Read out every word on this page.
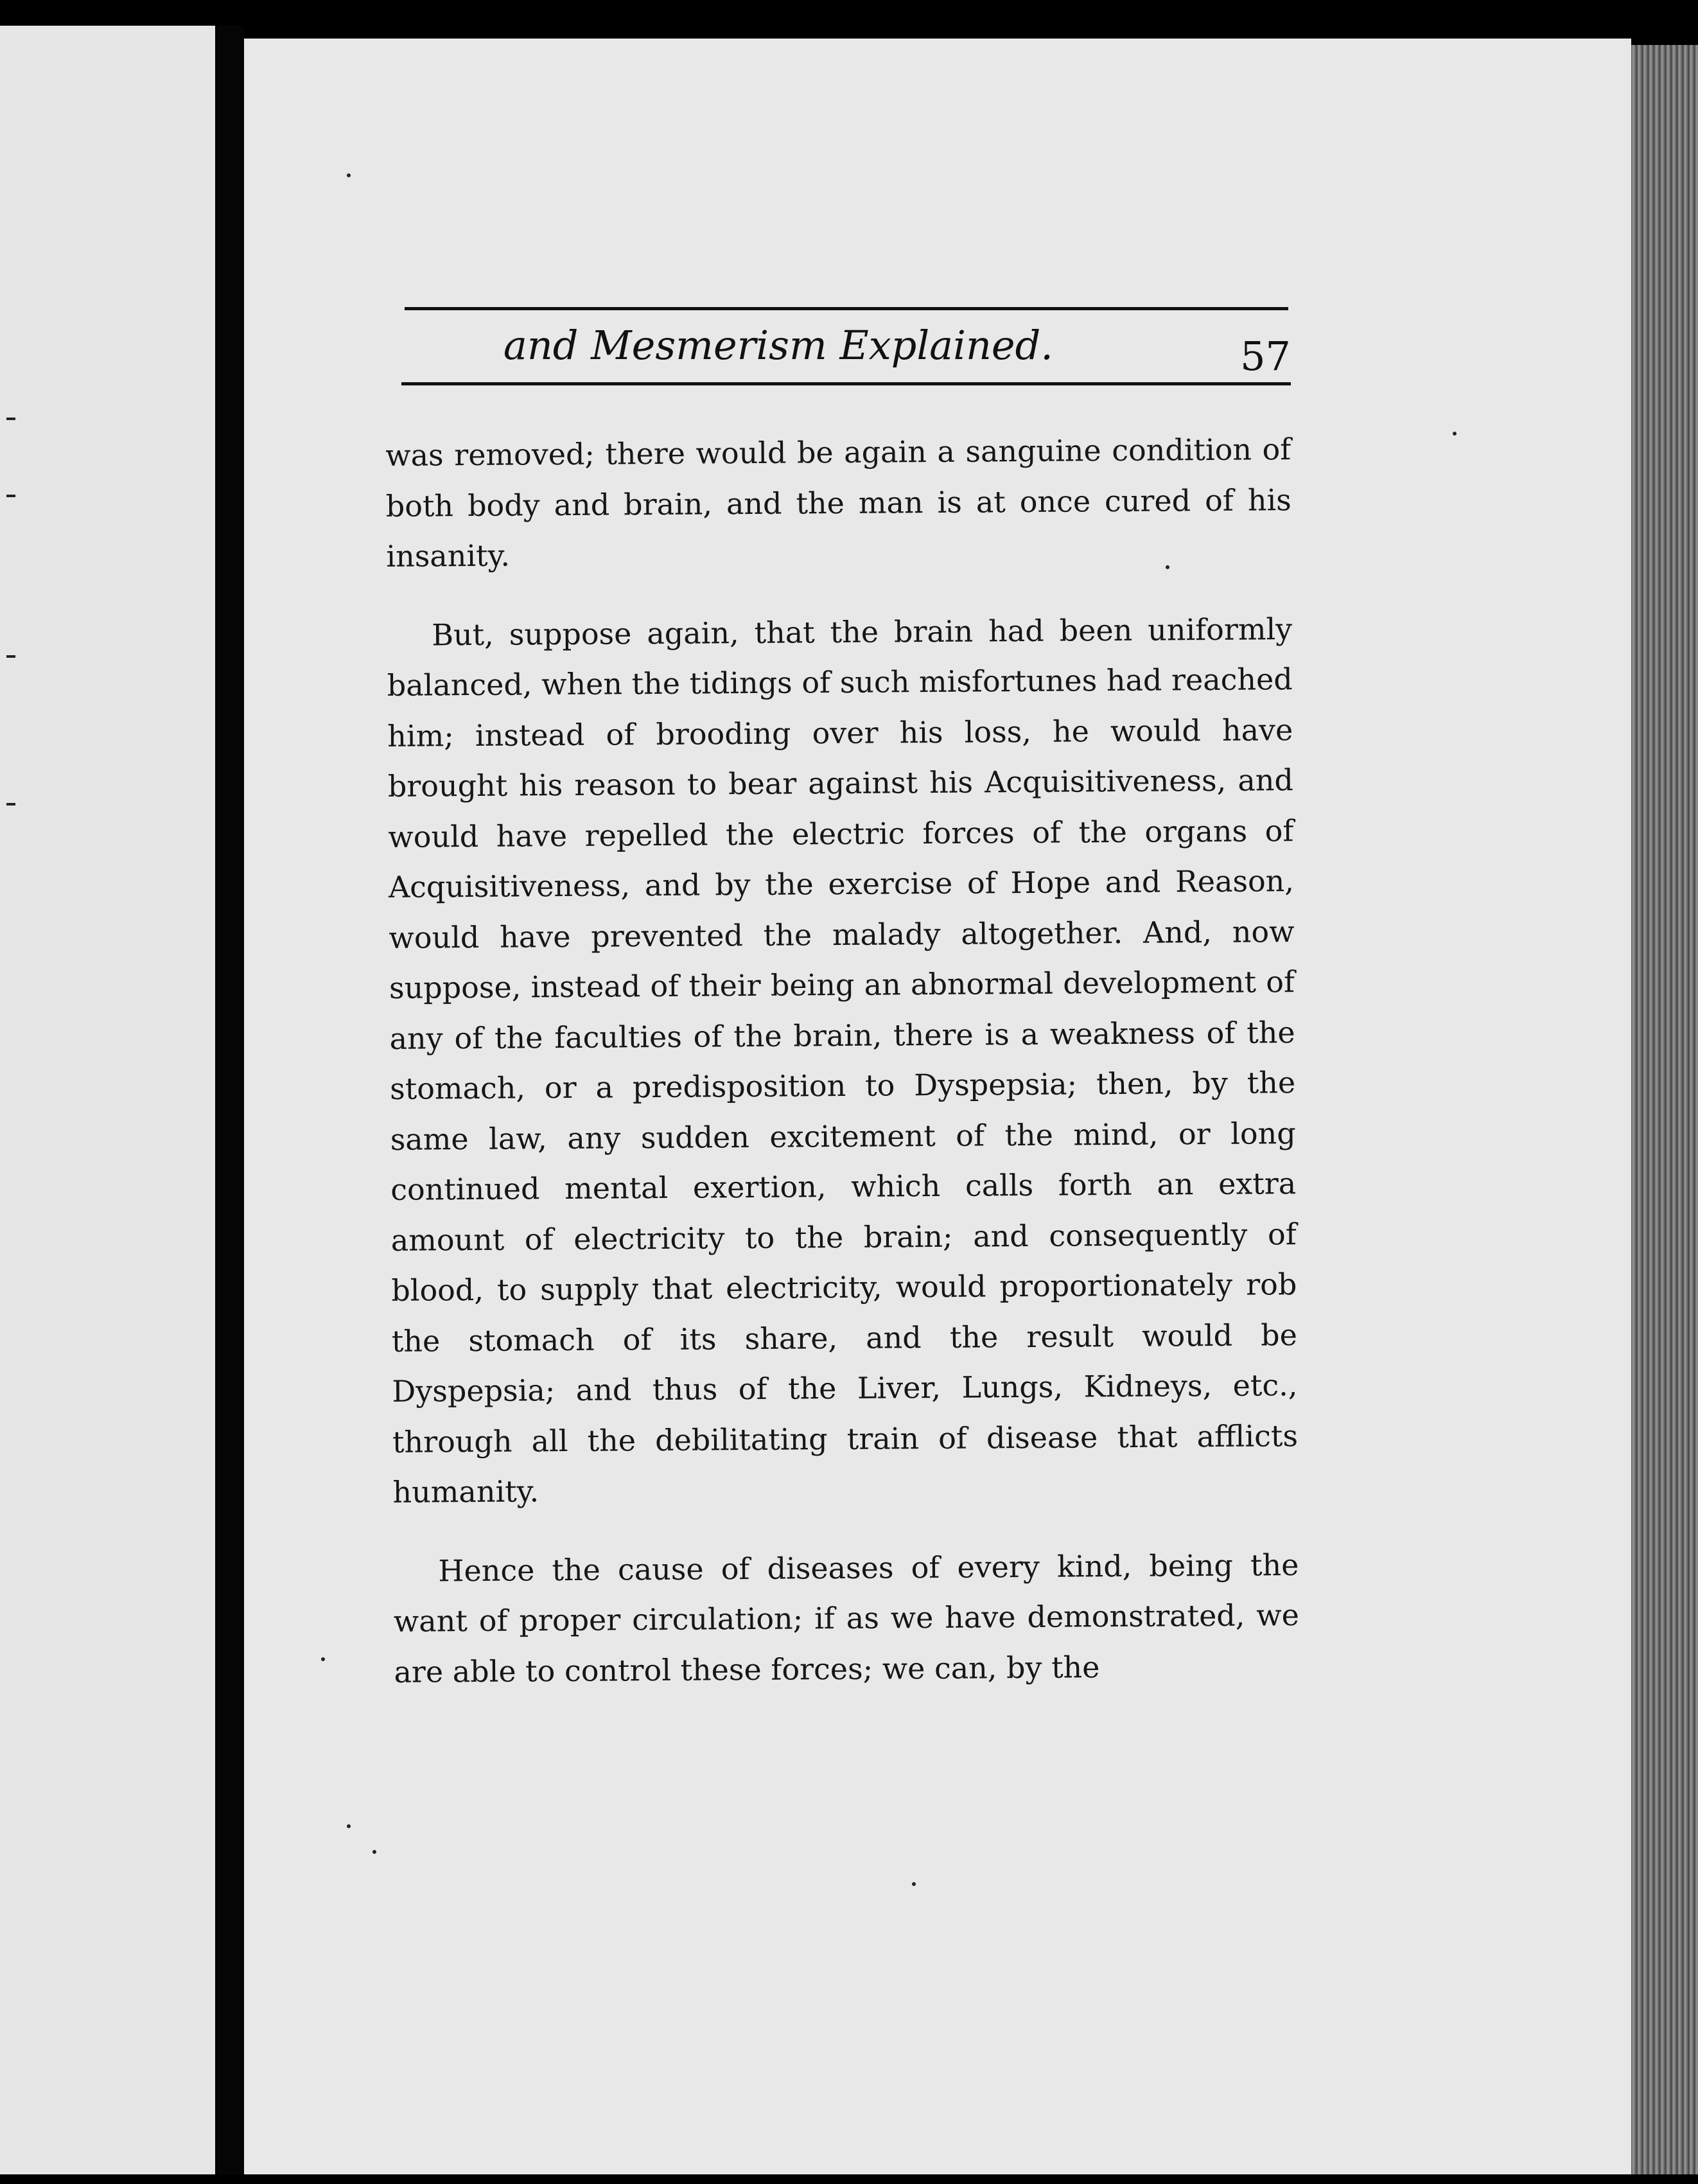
and Mesmerism Explained.	57

was removed; there would be again a sanguine condition of both body and brain, and the man is at once cured of his insanity.

But, suppose again, that the brain had been uniformly balanced, when the tidings of such misfortunes had reached him; instead of brooding over his loss, he would have brought his reason to bear against his Acquisitiveness, and would have repelled the electric forces of the organs of Acquisitiveness, and by the exercise of Hope and Reason, would have prevented the malady altogether. And, now suppose, instead of their being an abnormal development of any of the faculties of the brain, there is a weakness of the stomach, or a predisposition to Dyspepsia; then, by the same law, any sudden excitement of the mind, or long continued mental exertion, which calls forth an extra amount of electricity to the brain; and consequently of blood, to supply that electricity, would proportionately rob the stomach of its share, and the result would be Dyspepsia; and thus of the Liver, Lungs, Kidneys, etc., through all the debilitating train of disease that afflicts humanity.

Hence the cause of diseases of every kind, being the want of proper circulation; if as we have demonstrated, we are able to control these forces; we can, by the
